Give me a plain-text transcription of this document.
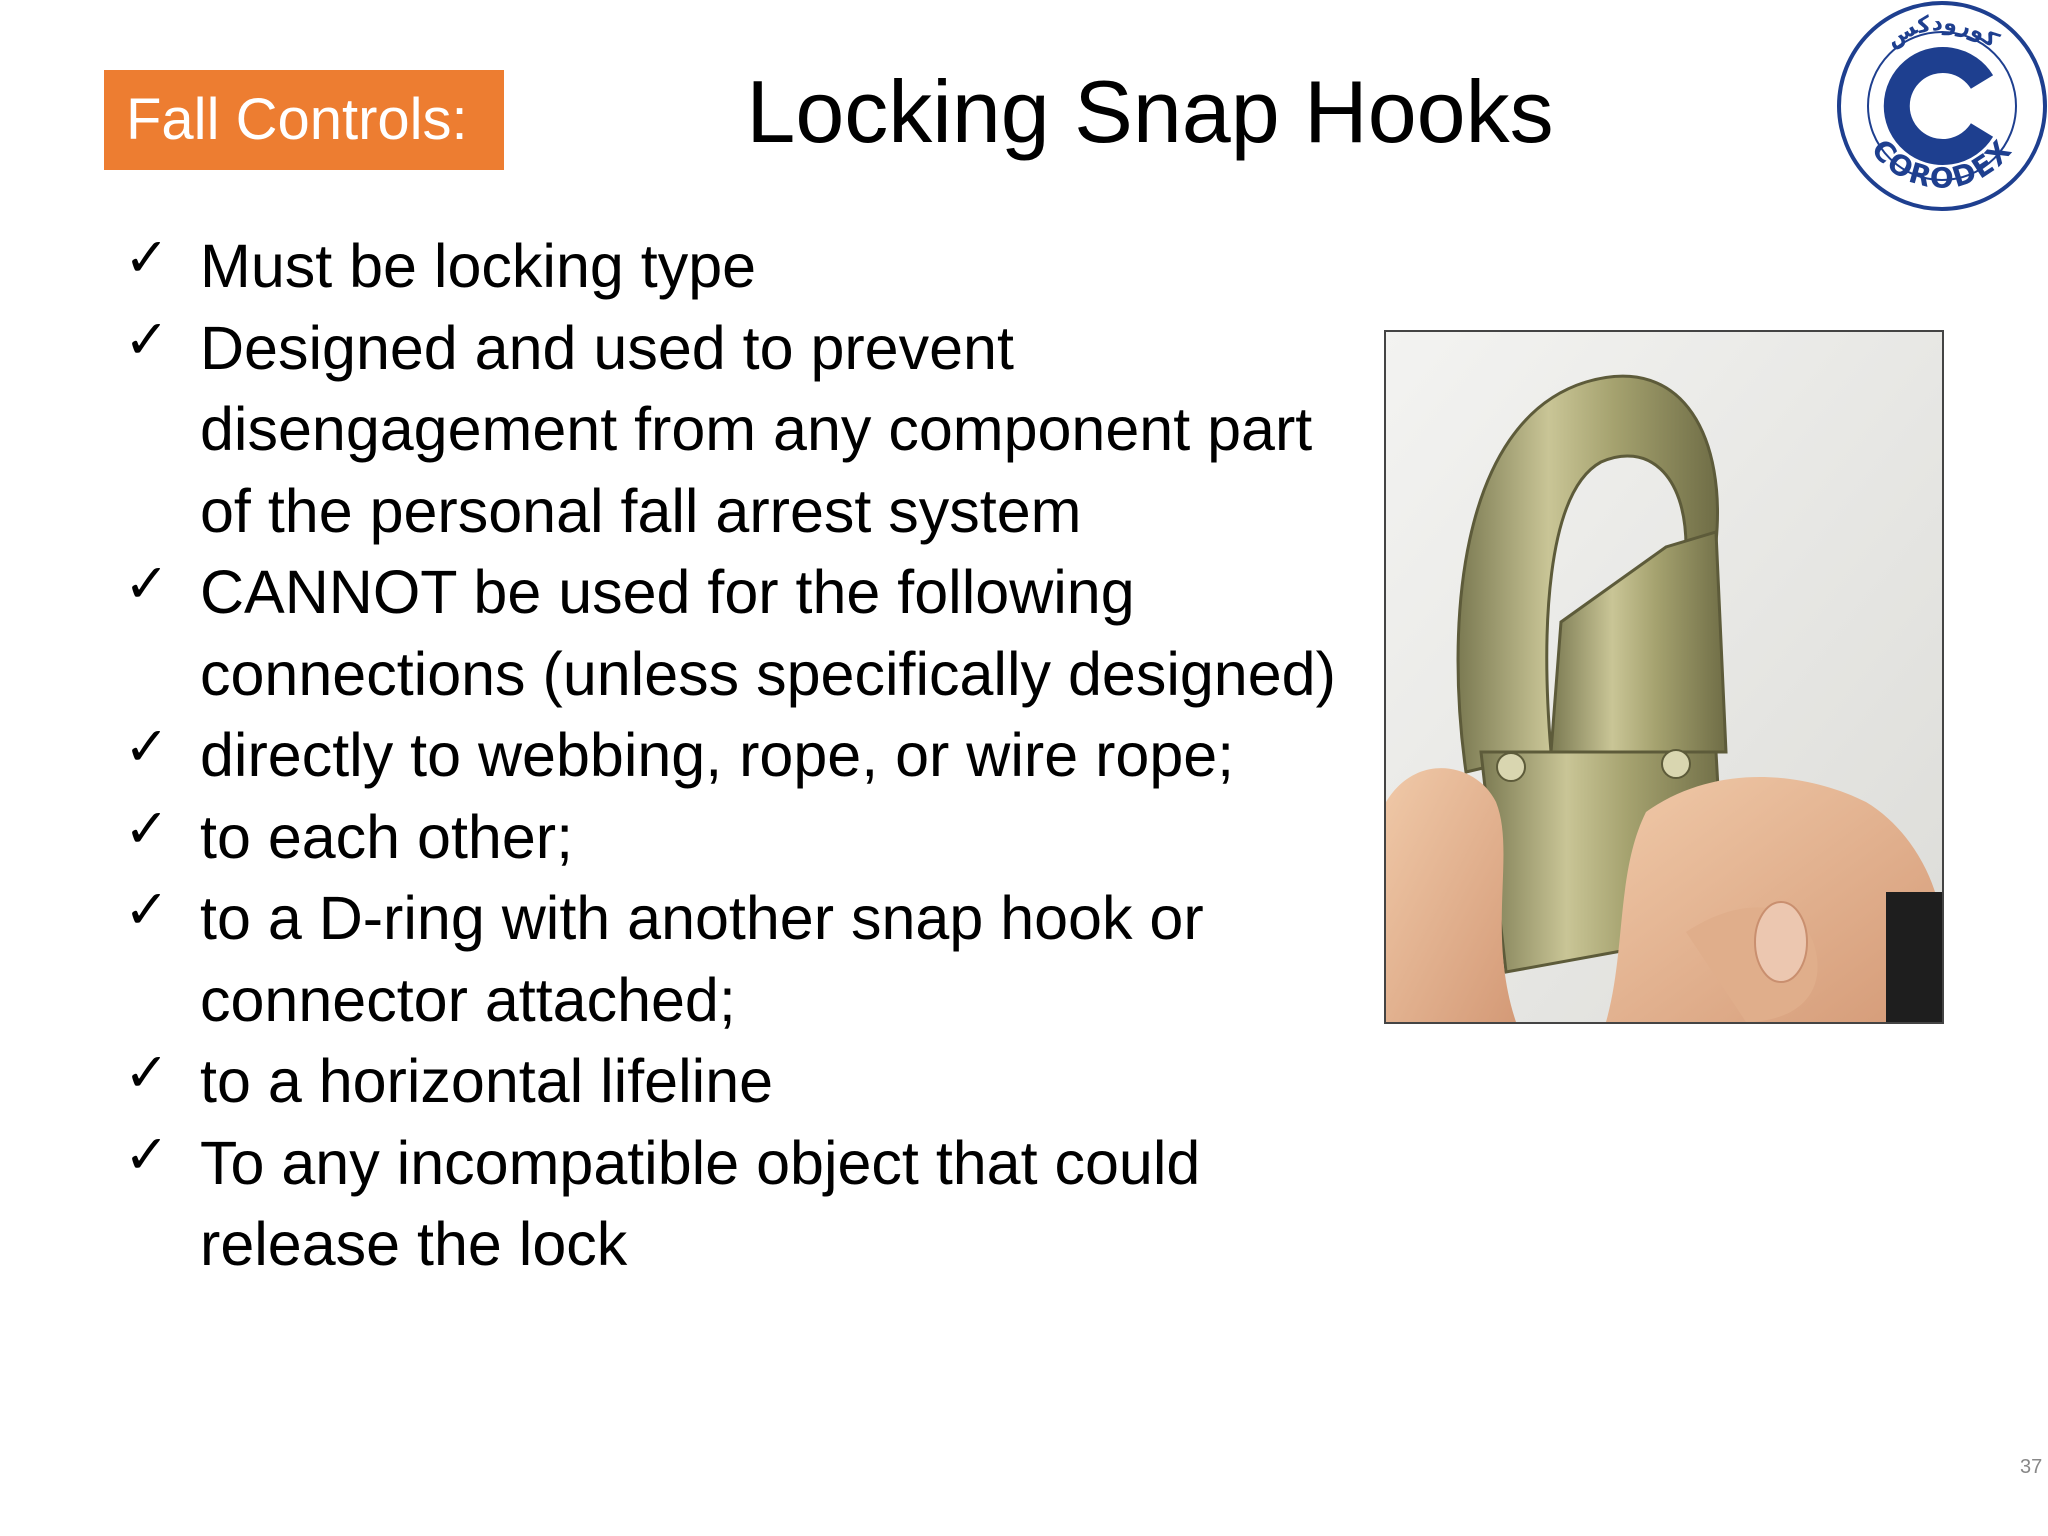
Fall Controls:	Locking Snap Hooks
كورودكس
CORODEX
✓ Must be locking type
✓ Designed and used to prevent disengagement from any component part of the personal fall arrest system
✓ CANNOT be used for the following connections (unless specifically designed)
✓ directly to webbing, rope, or wire rope;
✓ to each other;
✓ to a D-ring with another snap hook or connector attached;
✓ to a horizontal lifeline
✓ To any incompatible object that could release the lock
37
